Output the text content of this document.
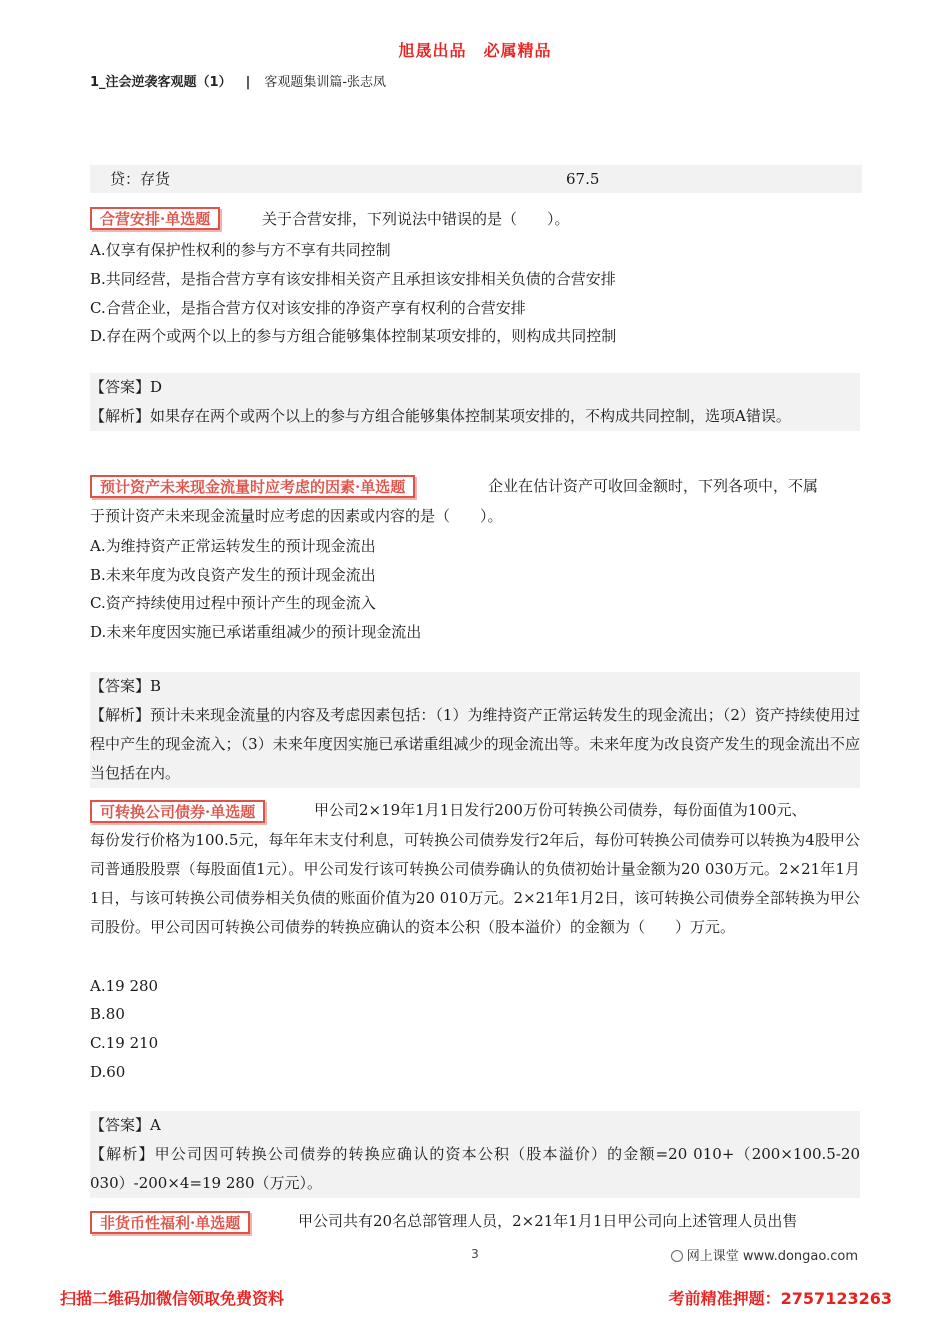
旭晟出品　必属精品
1_注会逆袭客观题（1） | 客观题集训篇-张志凤
贷：存货	67.5
合营安排·单选题	关于合营安排，下列说法中错误的是（　　）。
A.仅享有保护性权利的参与方不享有共同控制
B.共同经营，是指合营方享有该安排相关资产且承担该安排相关负债的合营安排
C.合营企业，是指合营方仅对该安排的净资产享有权利的合营安排
D.存在两个或两个以上的参与方组合能够集体控制某项安排的，则构成共同控制
【答案】D
【解析】如果存在两个或两个以上的参与方组合能够集体控制某项安排的，不构成共同控制，选项A错误。
预计资产未来现金流量时应考虑的因素·单选题	企业在估计资产可收回金额时，下列各项中，不属
于预计资产未来现金流量时应考虑的因素或内容的是（　　）。
A.为维持资产正常运转发生的预计现金流出
B.未来年度为改良资产发生的预计现金流出
C.资产持续使用过程中预计产生的现金流入
D.未来年度因实施已承诺重组减少的预计现金流出
【答案】B
【解析】预计未来现金流量的内容及考虑因素包括：（1）为维持资产正常运转发生的现金流出；（2）资产持续使用过程中产生的现金流入；（3）未来年度因实施已承诺重组减少的现金流出等。未来年度为改良资产发生的现金流出不应当包括在内。
可转换公司债券·单选题	甲公司2×19年1月1日发行200万份可转换公司债券，每份面值为100元、
每份发行价格为100.5元，每年年末支付利息，可转换公司债券发行2年后，每份可转换公司债券可以转换为4股甲公司普通股股票（每股面值1元）。甲公司发行该可转换公司债券确认的负债初始计量金额为20 030万元。2×21年1月1日，与该可转换公司债券相关负债的账面价值为20 010万元。2×21年1月2日，该可转换公司债券全部转换为甲公司股份。甲公司因可转换公司债券的转换应确认的资本公积（股本溢价）的金额为（　　）万元。
A.19 280
B.80
C.19 210
D.60
【答案】A
【解析】甲公司因可转换公司债券的转换应确认的资本公积（股本溢价）的金额=20 010+（200×100.5-20 030）-200×4=19 280（万元）。
非货币性福利·单选题	甲公司共有20名总部管理人员，2×21年1月1日甲公司向上述管理人员出售
3	网上课堂 www.dongao.com
扫描二维码加微信领取免费资料	考前精准押题：2757123263
